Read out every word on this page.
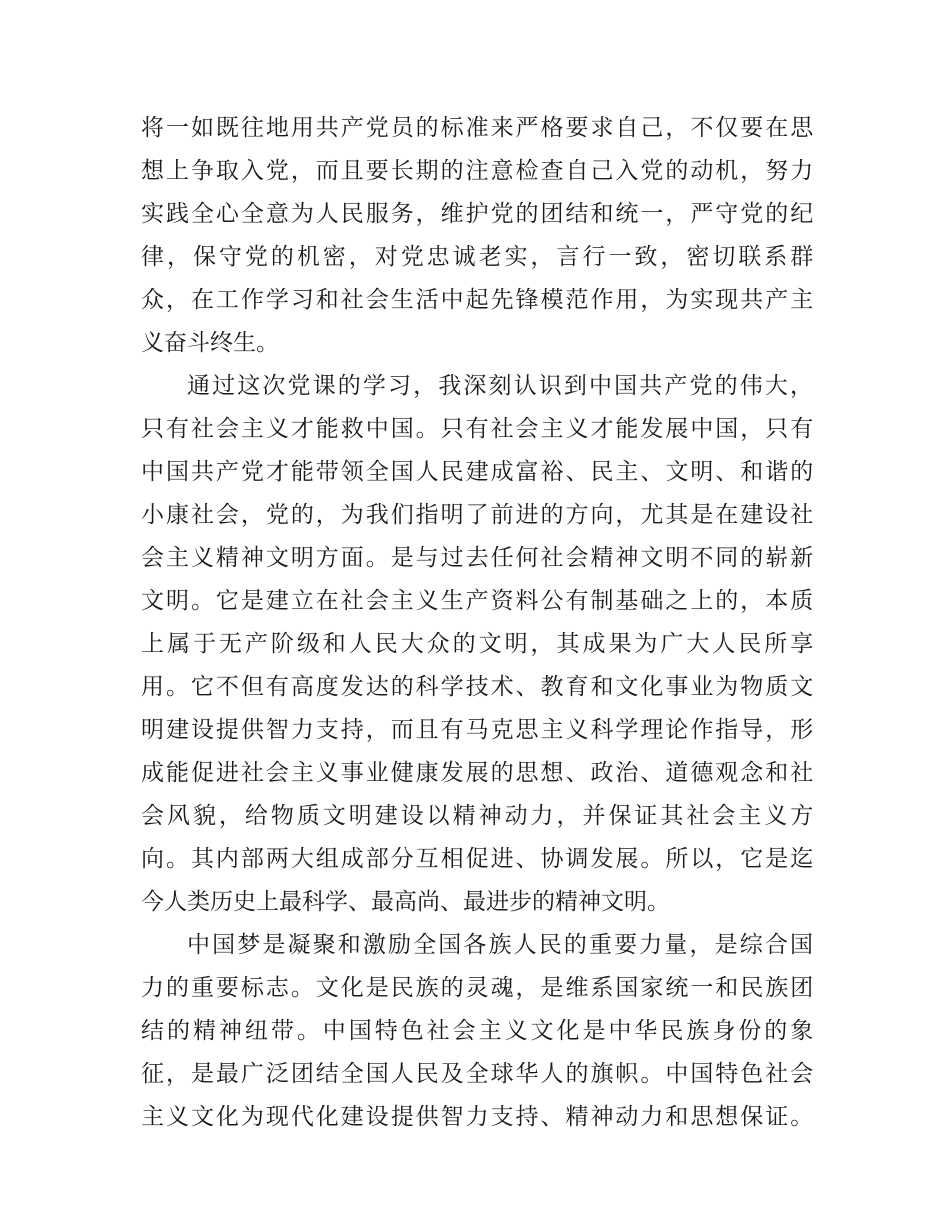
将 一 如 既 往 地 用 共 产 党 员 的 标 准 来 严 格 要 求 自 己 ， 不 仅 要 在 思
想 上 争 取 入 党 ， 而 且 要 长 期 的 注 意 检 查 自 己 入 党 的 动 机 ， 努 力
实 践 全 心 全 意 为 人 民 服 务 ， 维 护 党 的 团 结 和 统 一 ， 严 守 党 的 纪
律 ， 保 守 党 的 机 密 ， 对 党 忠 诚 老 实 ， 言 行 一 致 ， 密 切 联 系 群
众 ， 在 工 作 学 习 和 社 会 生 活 中 起 先 锋 模 范 作 用 ， 为 实 现 共 产 主
义奋斗终生。
通 过 这 次 党 课 的 学 习 ， 我 深 刻 认 识 到 中 国 共 产 党 的 伟 大 ，
只 有 社 会 主 义 才 能 救 中 国 。 只 有 社 会 主 义 才 能 发 展 中 国 ， 只 有
中 国 共 产 党 才 能 带 领 全 国 人 民 建 成 富 裕 、 民 主 、 文 明 、 和 谐 的
小 康 社 会 ， 党 的 ， 为 我 们 指 明 了 前 进 的 方 向 ， 尤 其 是 在 建 设 社
会 主 义 精 神 文 明 方 面 。 是 与 过 去 任 何 社 会 精 神 文 明 不 同 的 崭 新
文 明 。 它 是 建 立 在 社 会 主 义 生 产 资 料 公 有 制 基 础 之 上 的 ， 本 质
上 属 于 无 产 阶 级 和 人 民 大 众 的 文 明 ， 其 成 果 为 广 大 人 民 所 享
用 。 它 不 但 有 高 度 发 达 的 科 学 技 术 、 教 育 和 文 化 事 业 为 物 质 文
明 建 设 提 供 智 力 支 持 ， 而 且 有 马 克 思 主 义 科 学 理 论 作 指 导 ， 形
成 能 促 进 社 会 主 义 事 业 健 康 发 展 的 思 想 、 政 治 、 道 德 观 念 和 社
会 风 貌 ， 给 物 质 文 明 建 设 以 精 神 动 力 ， 并 保 证 其 社 会 主 义 方
向 。 其 内 部 两 大 组 成 部 分 互 相 促 进 、 协 调 发 展 。 所 以 ， 它 是 迄
今人类历史上最科学、最高尚、最进步的精神文明。
中 国 梦 是 凝 聚 和 激 励 全 国 各 族 人 民 的 重 要 力 量 ， 是 综 合 国
力 的 重 要 标 志 。 文 化 是 民 族 的 灵 魂 ， 是 维 系 国 家 统 一 和 民 族 团
结 的 精 神 纽 带 。 中 国 特 色 社 会 主 义 文 化 是 中 华 民 族 身 份 的 象
征 ， 是 最 广 泛 团 结 全 国 人 民 及 全 球 华 人 的 旗 帜 。 中 国 特 色 社 会
主 义 文 化 为 现 代 化 建 设 提 供 智 力 支 持 、 精 神 动 力 和 思 想 保 证 。
